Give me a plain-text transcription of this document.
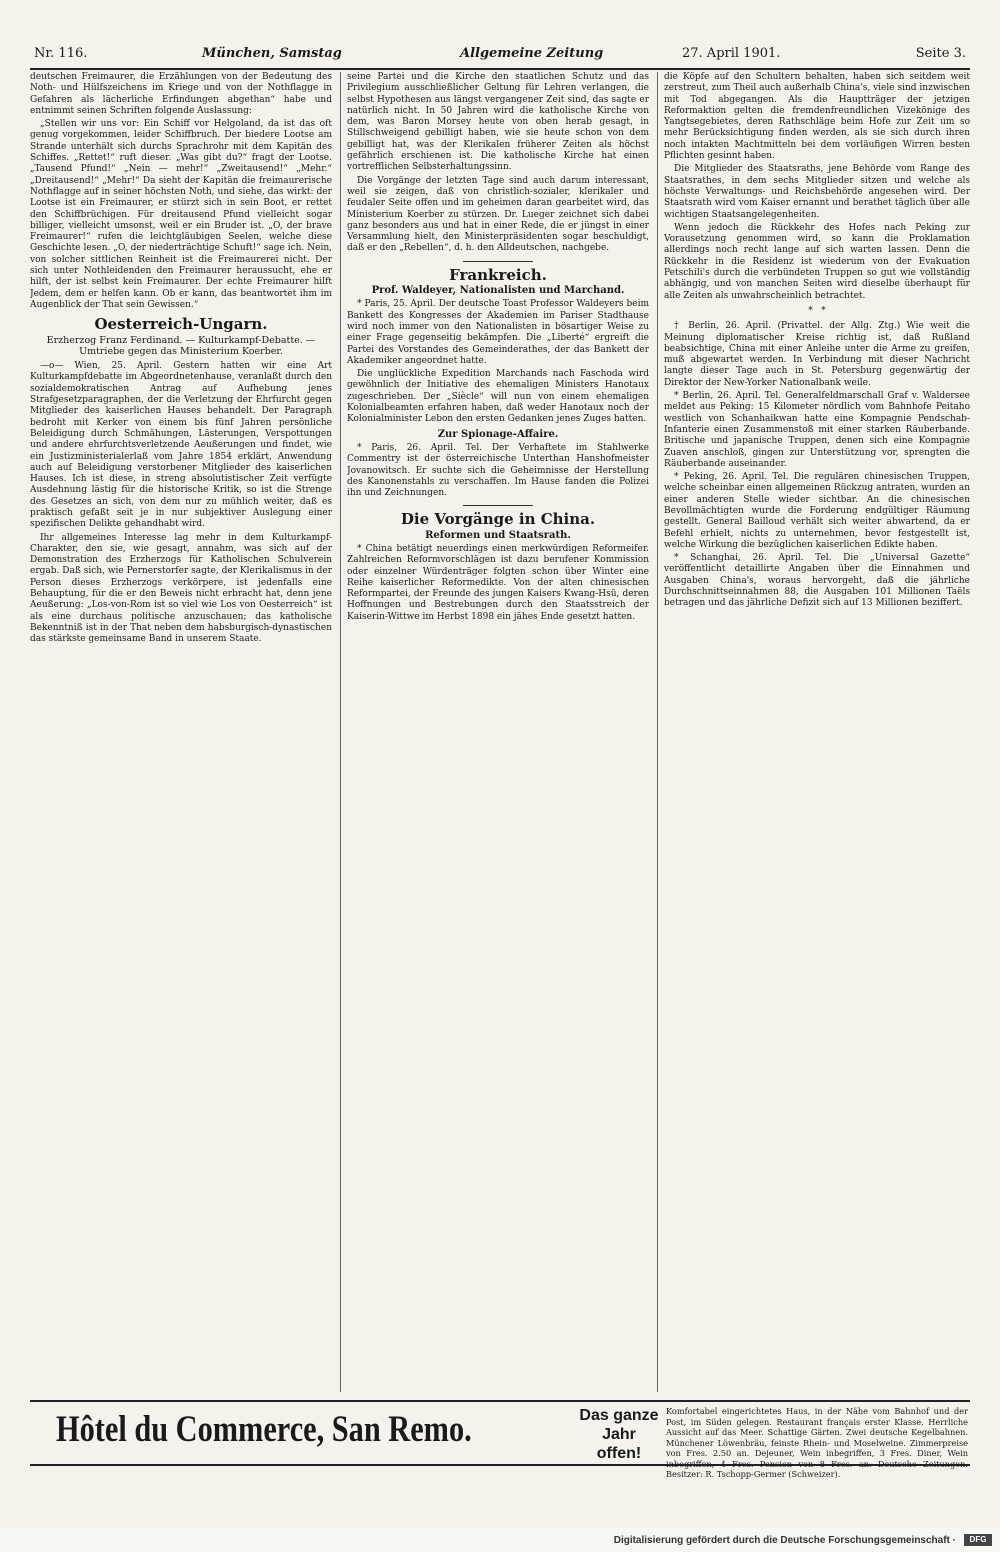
Nr. 116.	München, Samstag	Allgemeine Zeitung	27. April 1901.	Seite 3.

deutschen Freimaurer, die Erzählungen von der Bedeutung des Noth- und Hülfszeichens im Kriege und von der Nothflagge in Gefahren als lächerliche Erfindungen abgethan“ habe und entnimmt seinen Schriften folgende Auslassung:

„Stellen wir uns vor: Ein Schiff vor Helgoland, da ist das oft genug vorgekommen, leider Schiffbruch. Der biedere Lootse am Strande unterhält sich durchs Sprachrohr mit dem Kapitän des Schiffes. „Rettet!“ ruft dieser. „Was gibt du?“ fragt der Lootse. „Tausend Pfund!“ „Nein — mehr!“ „Zweitausend!“ „Mehr.“ „Dreitausend!“ „Mehr!“ Da sieht der Kapitän die freimaurerische Nothflagge auf in seiner höchsten Noth, und siehe, das wirkt: der Lootse ist ein Freimaurer, er stürzt sich in sein Boot, er rettet den Schiffbrüchigen. Für dreitausend Pfund vielleicht sogar billiger, vielleicht umsonst, weil er ein Bruder ist. „O, der brave Freimaurer!“ rufen die leichtgläubigen Seelen, welche diese Geschichte lesen. „O, der niederträchtige Schuft!“ sage ich. Nein, von solcher sittlichen Reinheit ist die Freimaurerei nicht. Der sich unter Nothleidenden den Freimaurer heraussucht, ehe er hilft, der ist selbst kein Freimaurer. Der echte Freimaurer hilft Jedem, dem er helfen kann. Ob er kann, das beantwortet ihm im Augenblick der That sein Gewissen.“

Oesterreich-Ungarn.
Erzherzog Franz Ferdinand. — Kulturkampf-Debatte. — Umtriebe gegen das Ministerium Koerber.

—o— Wien, 25. April. Gestern hatten wir eine Art Kulturkampfdebatte im Abgeordnetenhause, veranlaßt durch den sozialdemokratischen Antrag auf Aufhebung jenes Strafgesetzparagraphen, der die Verletzung der Ehrfurcht gegen Mitglieder des kaiserlichen Hauses behandelt. Der Paragraph bedroht mit Kerker von einem bis fünf Jahren persönliche Beleidigung durch Schmähungen, Lästerungen, Verspottungen und andere ehrfurchtsverletzende Aeußerungen und findet, wie ein Justizministerialerlaß vom Jahre 1854 erklärt, Anwendung auch auf Beleidigung verstorbener Mitglieder des kaiserlichen Hauses. Ich ist diese, in streng absolutistischer Zeit verfügte Ausdehnung lästig für die historische Kritik, so ist die Strenge des Gesetzes an sich, von dem nur zu mühlich weiter, daß es praktisch gefaßt seit je in nur subjektiver Auslegung einer spezifischen Delikte gehandhabt wird.

Ihr allgemeines Interesse lag mehr in dem Kulturkampf-Charakter, den sie, wie gesagt, annahm, was sich auf der Demonstration des Erzherzogs für Katholischen Schulverein ergab. Daß sich, wie Pernerstorfer sagte, der Klerikalismus in der Person dieses Erzherzogs verkörpere, ist jedenfalls eine Behauptung, für die er den Beweis nicht erbracht hat, denn jene Aeußerung: „Los-von-Rom ist so viel wie Los von Oesterreich“ ist als eine durchaus politische anzuschauen; das katholische Bekenntniß ist in der That neben dem habsburgisch-dynastischen das stärkste gemeinsame Band in unserem Staate.

seine Partei und die Kirche den staatlichen Schutz und das Privilegium ausschließlicher Geltung für Lehren verlangen, die selbst Hypothesen aus längst vergangener Zeit sind, das sagte er natürlich nicht. In 50 Jahren wird die katholische Kirche von dem, was Baron Morsey heute von oben herab gesagt, in Stillschweigend gebilligt haben, wie sie heute schon von dem gebilligt hat, was der Klerikalen früherer Zeiten als höchst gefährlich erschienen ist. Die katholische Kirche hat einen vortrefflichen Selbsterhaltungssinn.

Die Vorgänge der letzten Tage sind auch darum interessant, weil sie zeigen, daß von christlich-sozialer, klerikaler und feudaler Seite offen und im geheimen daran gearbeitet wird, das Ministerium Koerber zu stürzen. Dr. Lueger zeichnet sich dabei ganz besonders aus und hat in einer Rede, die er jüngst in einer Versammlung hielt, den Ministerpräsidenten sogar beschuldigt, daß er den „Rebellen“, d. h. den Alldeutschen, nachgebe.

Frankreich.
Prof. Waldeyer, Nationalisten und Marchand.

* Paris, 25. April. Der deutsche Toast Professor Waldeyers beim Bankett des Kongresses der Akademien im Pariser Stadthause wird noch immer von den Nationalisten in bösartiger Weise zu einer Frage gegenseitig bekämpfen. Die „Liberté“ ergreift die Partei des Vorstandes des Gemeinderathes, der das Bankett der Akademiker angeordnet hatte.

Die unglückliche Expedition Marchands nach Faschoda wird gewöhnlich der Initiative des ehemaligen Ministers Hanotaux zugeschrieben. Der „Siècle“ will nun von einem ehemaligen Kolonialbeamten erfahren haben, daß weder Hanotaux noch der Kolonialminister Lebon den ersten Gedanken jenes Zuges hatten.

Zur Spionage-Affaire.

* Paris, 26. April. Tel. Der Verhaftete im Stahlwerke Commentry ist der österreichische Unterthan Hanshofmeister Jovanowitsch. Er suchte sich die Geheimnisse der Herstellung des Kanonenstahls zu verschaffen. Im Hause fanden die Polizei ihn und Zeichnungen.

Die Vorgänge in China.
Reformen und Staatsrath.

* China betätigt neuerdings einen merkwürdigen Reformeifer. Zahlreichen Reformvorschlägen ist dazu berufener Kommission oder einzelner Würdenträger folgten schon über Winter eine Reihe kaiserlicher Reformedikte. Von der alten chinesischen Reformpartei, der Freunde des jungen Kaisers Kwang-Hsü, deren Hoffnungen und Bestrebungen durch den Staatsstreich der Kaiserin-Wittwe im Herbst 1898 ein jähes Ende gesetzt hatten.

die Köpfe auf den Schultern behalten, haben sich seitdem weit zerstreut, zum Theil auch außerhalb China's, viele sind inzwischen mit Tod abgegangen. Als die Hauptträger der jetzigen Reformaktion gelten die fremdenfreundlichen Vizekönige des Yangtsegebietes, deren Rathschläge beim Hofe zur Zeit um so mehr Berücksichtigung finden werden, als sie sich durch ihren noch intakten Machtmitteln bei dem vorläufigen Wirren besten Pflichten gesinnt haben.

Die Mitglieder des Staatsraths, jene Behörde vom Range des Staatsrathes, in dem sechs Mitglieder sitzen und welche als höchste Verwaltungs- und Reichsbehörde angesehen wird. Der Staatsrath wird vom Kaiser ernannt und berathet täglich über alle wichtigen Staatsangelegenheiten.

Wenn jedoch die Rückkehr des Hofes nach Peking zur Vorausetzung genommen wird, so kann die Proklamation allerdings noch recht lange auf sich warten lassen. Denn die Rückkehr in die Residenz ist wiederum von der Evakuation Petschili's durch die verbündeten Truppen so gut wie vollständig abhängig, und von manchen Seiten wird dieselbe überhaupt für alle Zeiten als unwahrscheinlich betrachtet.

*   *

† Berlin, 26. April. (Privattel. der Allg. Ztg.) Wie weit die Meinung diplomatischer Kreise richtig ist, daß Rußland beabsichtige, China mit einer Anleihe unter die Arme zu greifen, muß abgewartet werden. In Verbindung mit dieser Nachricht langte dieser Tage auch in St. Petersburg gegenwärtig der Direktor der New-Yorker Nationalbank weile.

* Berlin, 26. April. Tel. Generalfeldmarschall Graf v. Waldersee meldet aus Peking: 15 Kilometer nördlich vom Bahnhofe Peitaho westlich von Schanhaikwan hatte eine Kompagnie Pendschab-Infanterie einen Zusammenstoß mit einer starken Räuberbande. Britische und japanische Truppen, denen sich eine Kompagnie Zuaven anschloß, gingen zur Unterstützung vor, sprengten die Räuberbande auseinander.

* Peking, 26. April. Tel. Die regulären chinesischen Truppen, welche scheinbar einen allgemeinen Rückzug antraten, wurden an einer anderen Stelle wieder sichtbar. An die chinesischen Bevollmächtigten wurde die Forderung endgültiger Räumung gestellt. General Bailloud verhält sich weiter abwartend, da er Befehl erhielt, nichts zu unternehmen, bevor festgestellt ist, welche Wirkung die bezüglichen kaiserlichen Edikte haben.

* Schanghai, 26. April. Tel. Die „Universal Gazette“ veröffentlicht detaillirte Angaben über die Einnahmen und Ausgaben China's, woraus hervorgeht, daß die jährliche Durchschnittseinnahmen 88, die Ausgaben 101 Millionen Taëls betragen und das jährliche Defizit sich auf 13 Millionen beziffert.

Hôtel du Commerce, San Remo.	Das ganze Jahr offen!
Komfortabel eingerichtetes Haus, in der Nähe vom Bahnhof und der Post, im Süden gelegen. Restaurant français erster Klasse. Herrliche Aussicht auf das Meer. Schattige Gärten. Zwei deutsche Kegelbahnen. Münchener Löwenbräu, feinste Rhein- und Moselweine. Zimmerpreise von Fres. 2.50 an. Dejeuner, Wein inbegriffen, 3 Fres. Diner, Wein inbegriffen, 4 Fres. Pension von 8 Fres. an. Deutsche Zeitungen. Besitzer: R. Tschopp-Germer (Schweizer).
Digitalisierung gefördert durch die Deutsche Forschungsgemeinschaft ·	DFG
